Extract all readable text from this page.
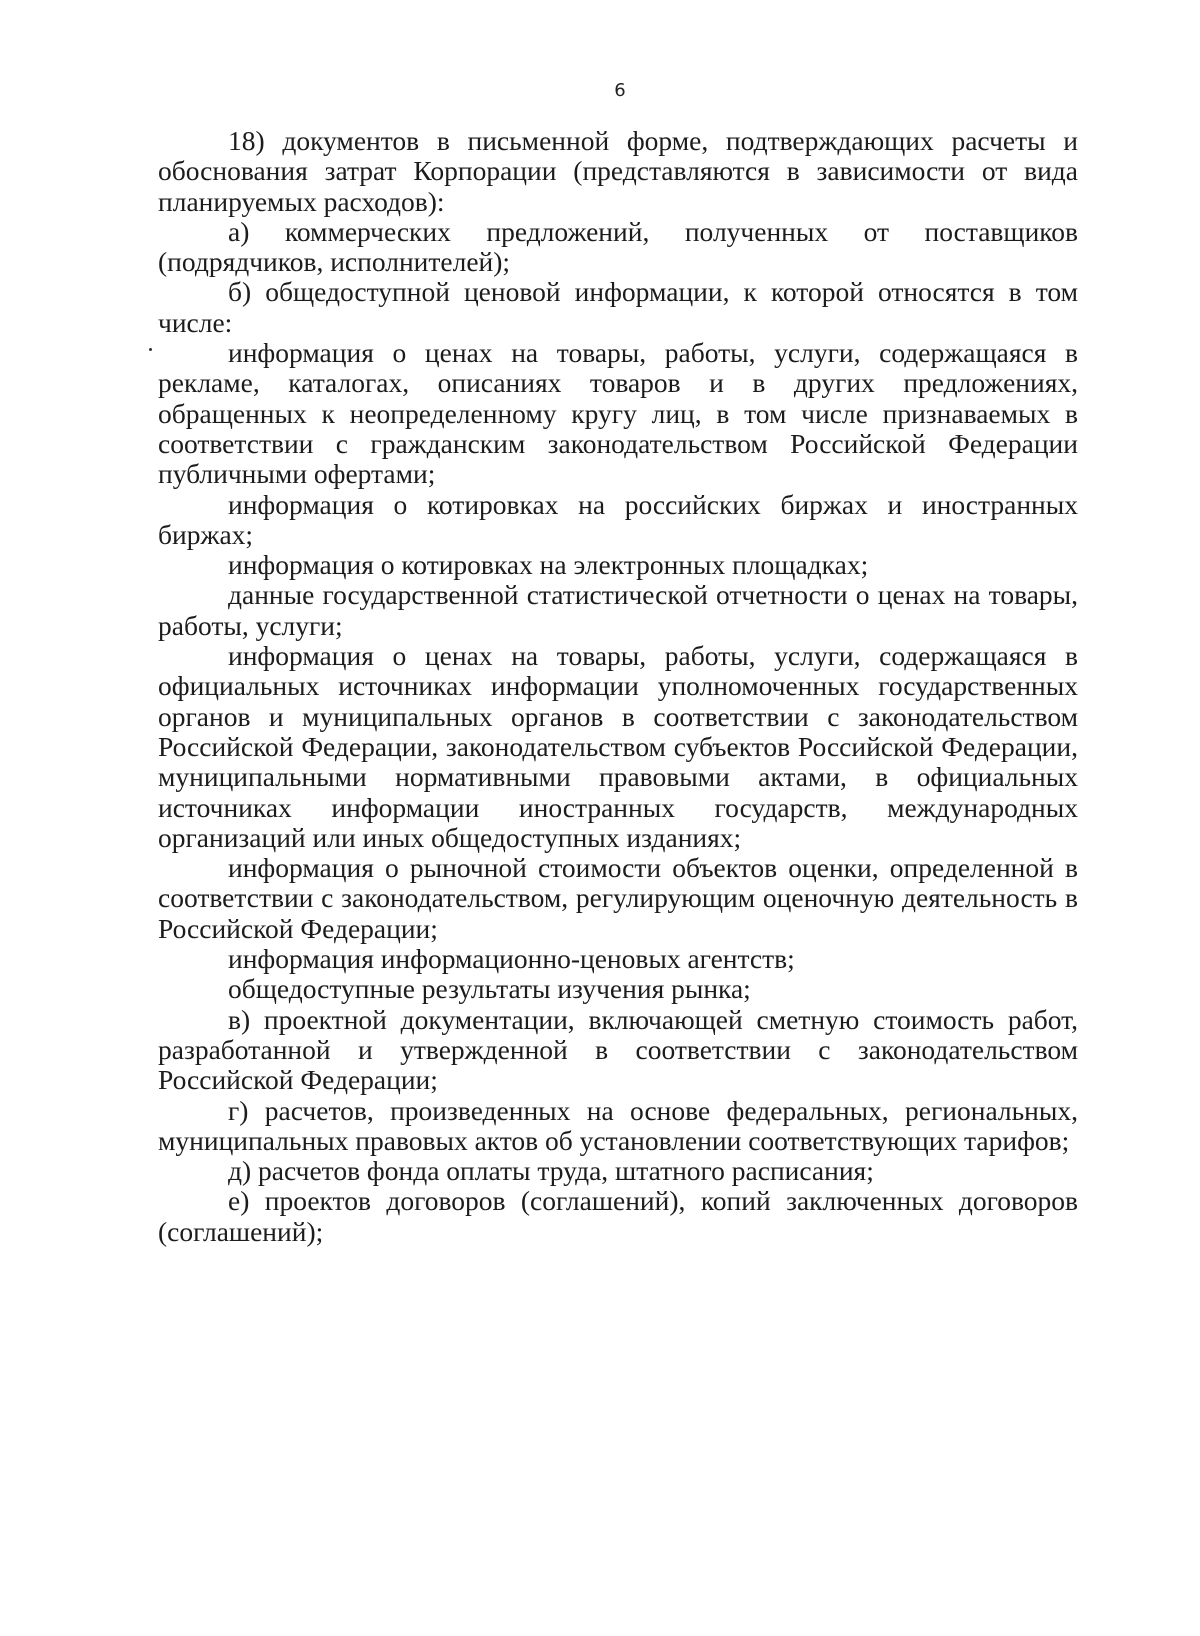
6

18) документов в письменной форме, подтверждающих расчеты и обоснования затрат Корпорации (представляются в зависимости от вида планируемых расходов):

а) коммерческих предложений, полученных от поставщиков (подрядчиков, исполнителей);

б) общедоступной ценовой информации, к которой относятся в том числе:

информация о ценах на товары, работы, услуги, содержащаяся в рекламе, каталогах, описаниях товаров и в других предложениях, обращенных к неопределенному кругу лиц, в том числе признаваемых в соответствии с гражданским законодательством Российской Федерации публичными офертами;

информация о котировках на российских биржах и иностранных биржах;

информация о котировках на электронных площадках;

данные государственной статистической отчетности о ценах на товары, работы, услуги;

информация о ценах на товары, работы, услуги, содержащаяся в официальных источниках информации уполномоченных государственных органов и муниципальных органов в соответствии с законодательством Российской Федерации, законодательством субъектов Российской Федерации, муниципальными нормативными правовыми актами, в официальных источниках информации иностранных государств, международных организаций или иных общедоступных изданиях;

информация о рыночной стоимости объектов оценки, определенной в соответствии с законодательством, регулирующим оценочную деятельность в Российской Федерации;

информация информационно-ценовых агентств;

общедоступные результаты изучения рынка;

в) проектной документации, включающей сметную стоимость работ, разработанной и утвержденной в соответствии с законодательством Российской Федерации;

г) расчетов, произведенных на основе федеральных, региональных, муниципальных правовых актов об установлении соответствующих тарифов;

д) расчетов фонда оплаты труда, штатного расписания;

е) проектов договоров (соглашений), копий заключенных договоров (соглашений);
